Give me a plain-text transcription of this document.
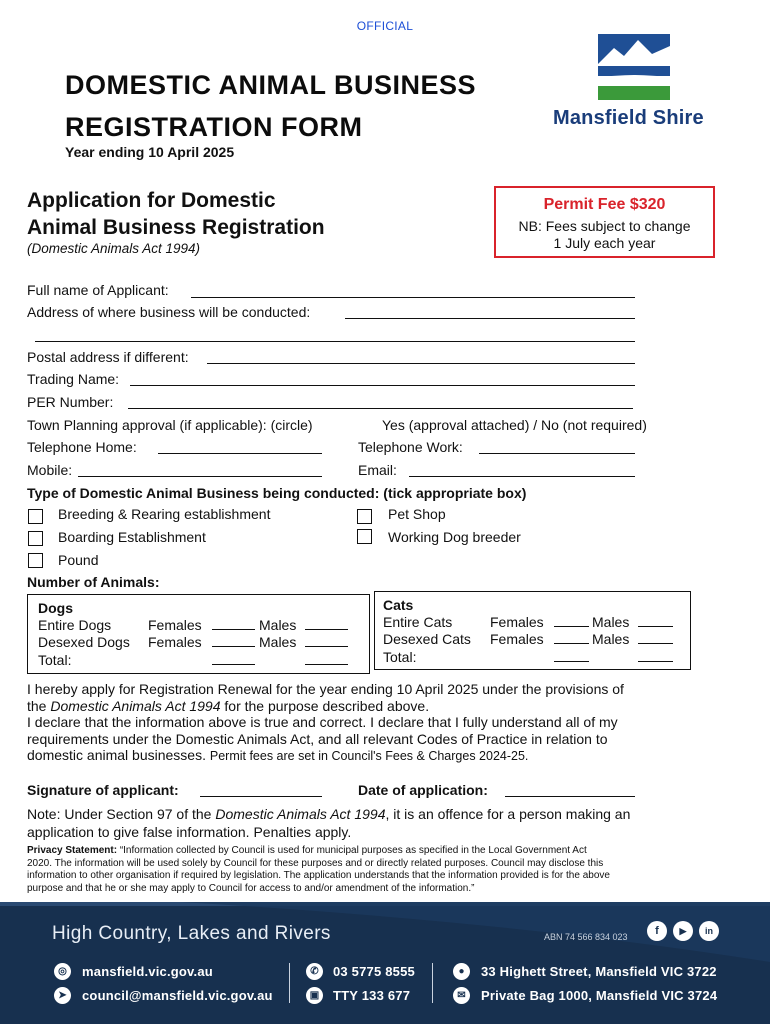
OFFICIAL
DOMESTIC ANIMAL BUSINESS
REGISTRATION FORM
Year ending 10 April 2025
Mansfield Shire
Application for Domestic
Animal Business Registration
(Domestic Animals Act 1994)
Permit Fee $320
NB: Fees subject to change
1 July each year
Full name of Applicant:
Address of where business will be conducted:
Postal address if different:
Trading Name:
PER Number:
Town Planning approval (if applicable): (circle)	Yes (approval attached) / No (not required)
Telephone Home:	Telephone Work:
Mobile:	Email:
Type of Domestic Animal Business being conducted: (tick appropriate box)
Breeding & Rearing establishment
Boarding Establishment
Pound
Pet Shop
Working Dog breeder
Number of Animals:
Dogs
Entire Dogs	Females	Males
Desexed Dogs Females	Males
Total:
Cats
Entire Cats	Females	Males
Desexed Cats Females	Males
Total:
I hereby apply for Registration Renewal for the year ending 10 April 2025 under the provisions of
the Domestic Animals Act 1994 for the purpose described above.
I declare that the information above is true and correct. I declare that I fully understand all of my
requirements under the Domestic Animals Act, and all relevant Codes of Practice in relation to
domestic animal businesses. Permit fees are set in Council's Fees & Charges 2024-25.
Signature of applicant:	Date of application:
Note: Under Section 97 of the Domestic Animals Act 1994, it is an offence for a person making an
application to give false information. Penalties apply.
Privacy Statement: “Information collected by Council is used for municipal purposes as specified in the Local Government Act
2020. The information will be used solely by Council for these purposes and or directly related purposes. Council may disclose this
information to other organisation if required by legislation. The application understands that the information provided is for the above
purpose and that he or she may apply to Council for access to and/or amendment of the information.”
High Country, Lakes and Rivers	ABN 74 566 834 023	f	▶	in
◎	mansfield.vic.gov.au
➤	council@mansfield.vic.gov.au
✆	03 5775 8555
▣ TTY 133 677
●	33 Highett Street, Mansfield VIC 3722
✉	Private Bag 1000, Mansfield VIC 3724
